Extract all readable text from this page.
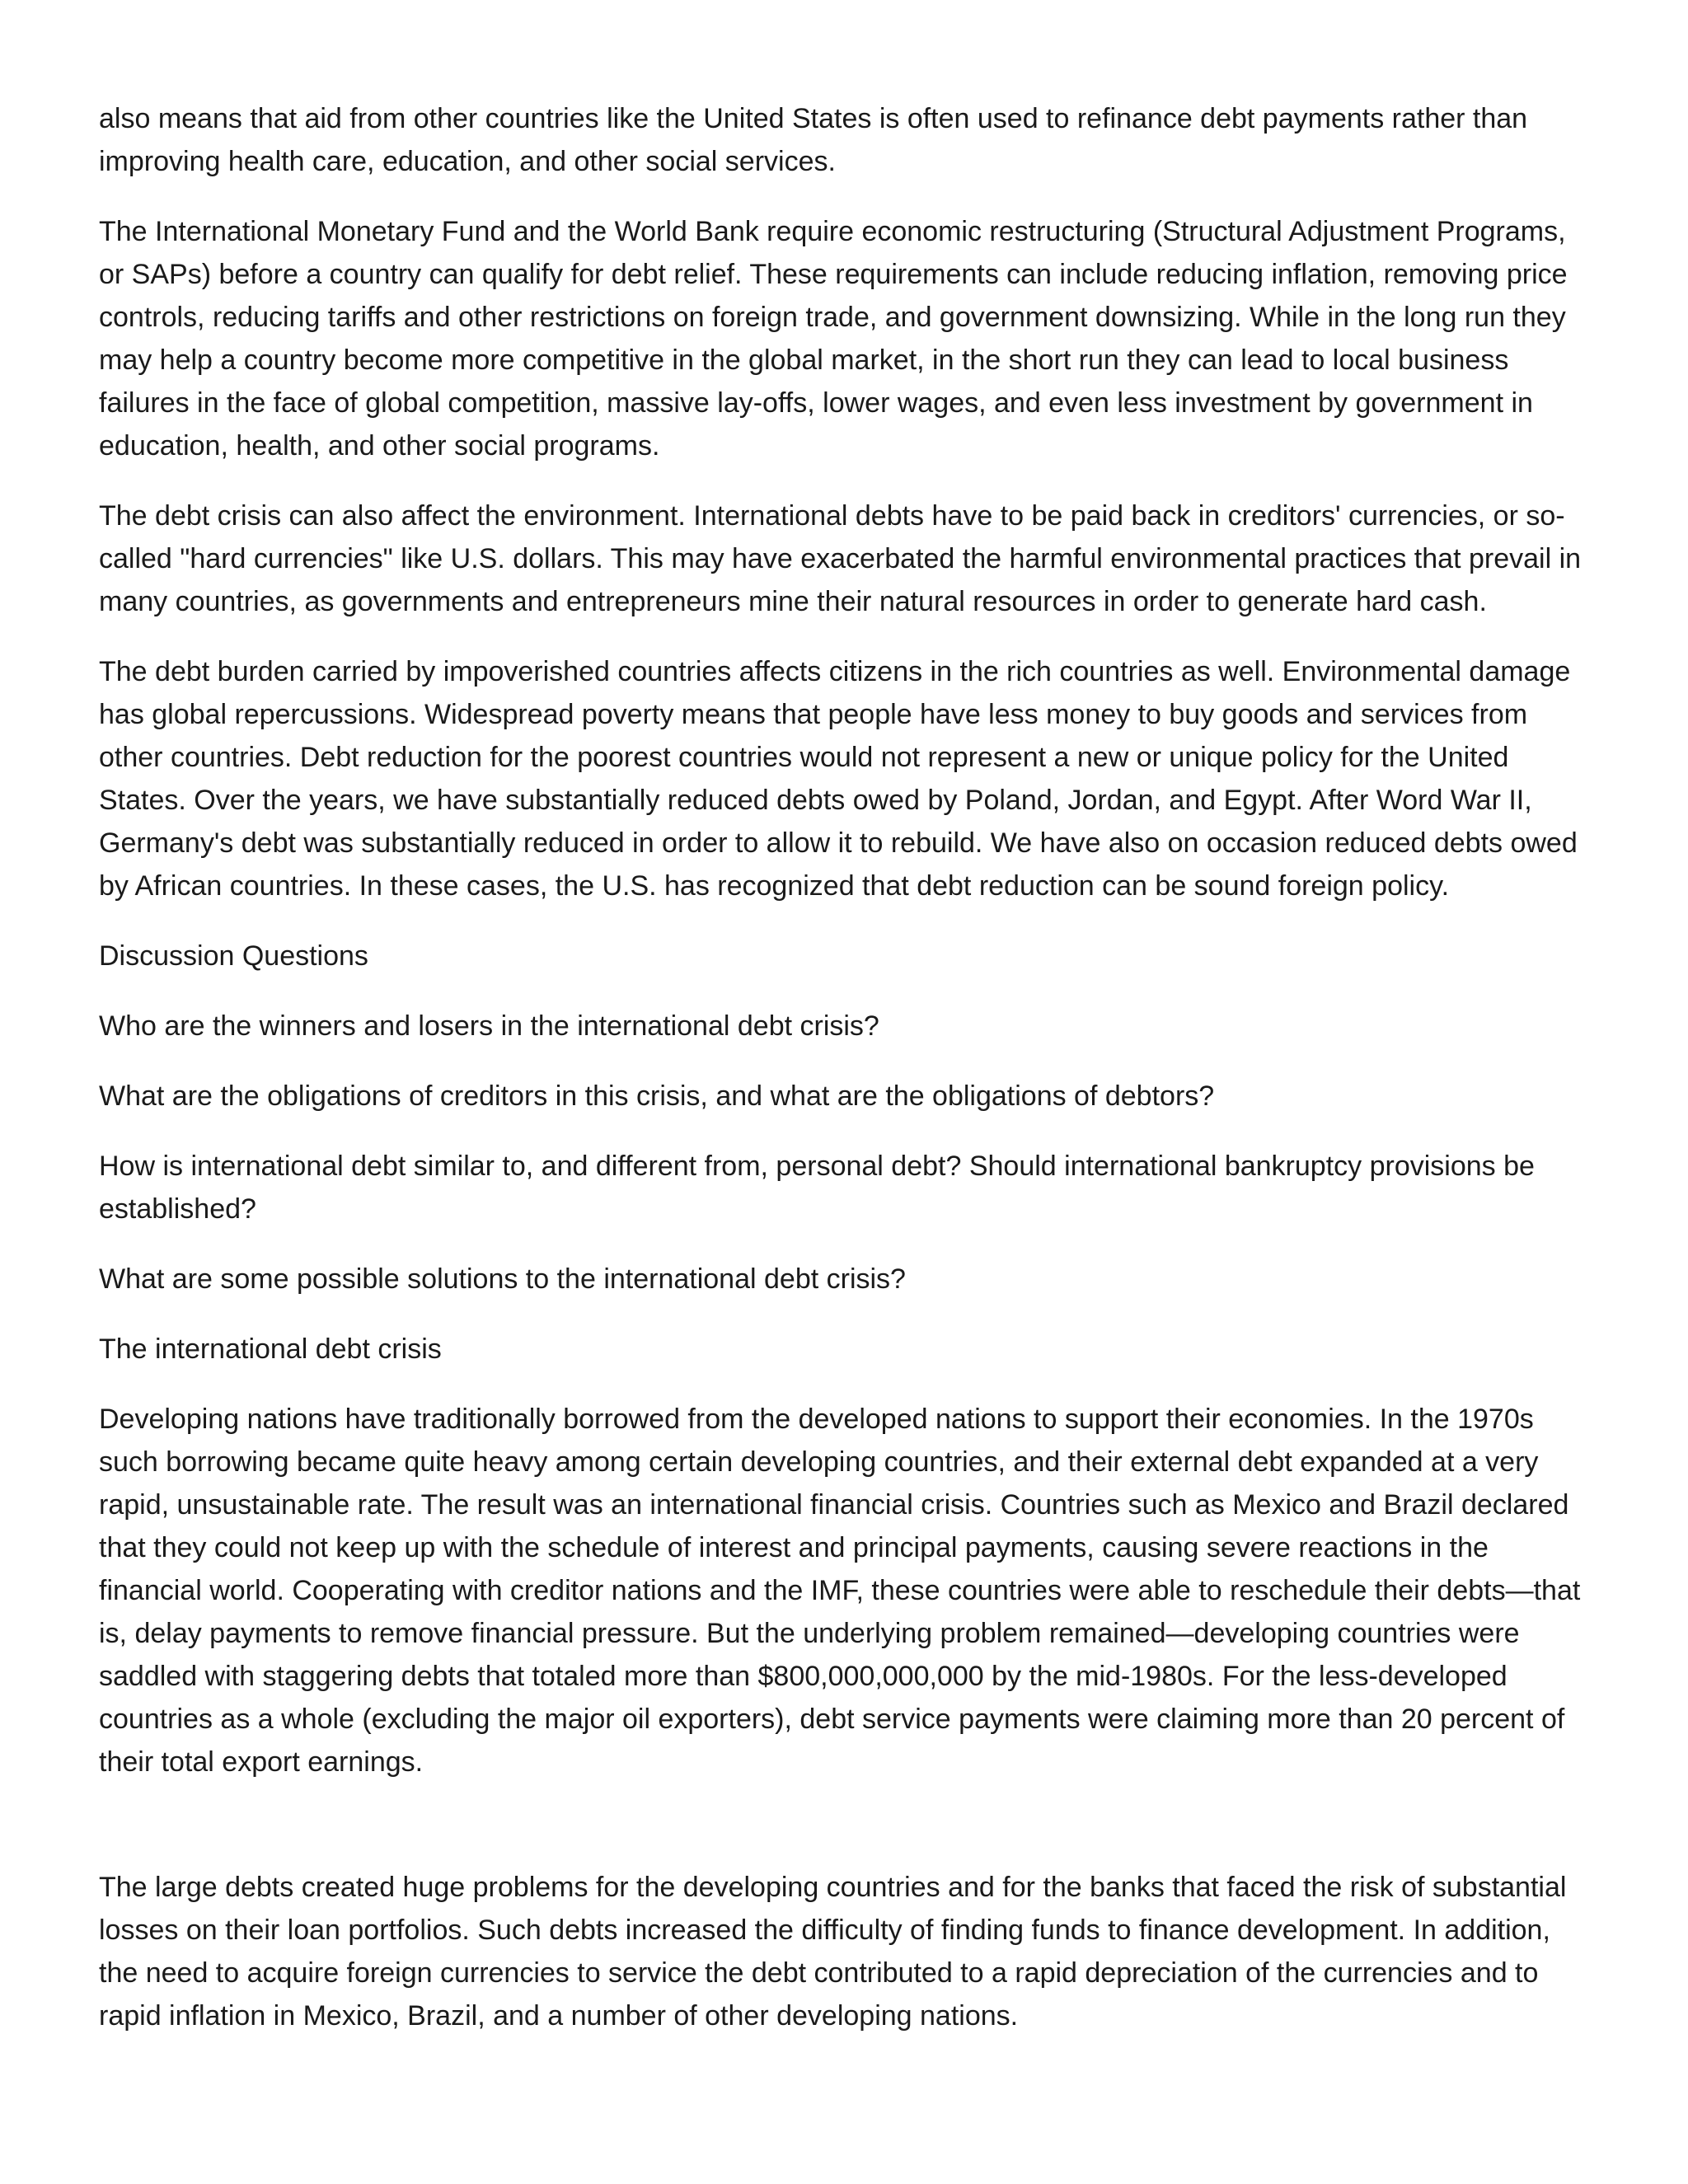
also means that aid from other countries like the United States is often used to refinance debt payments rather than improving health care, education, and other social services.

The International Monetary Fund and the World Bank require economic restructuring (Structural Adjustment Programs, or SAPs) before a country can qualify for debt relief. These requirements can include reducing inflation, removing price controls, reducing tariffs and other restrictions on foreign trade, and government downsizing. While in the long run they may help a country become more competitive in the global market, in the short run they can lead to local business failures in the face of global competition, massive lay-offs, lower wages, and even less investment by government in education, health, and other social programs.

The debt crisis can also affect the environment. International debts have to be paid back in creditors' currencies, or so-called "hard currencies" like U.S. dollars. This may have exacerbated the harmful environmental practices that prevail in many countries, as governments and entrepreneurs mine their natural resources in order to generate hard cash.

The debt burden carried by impoverished countries affects citizens in the rich countries as well. Environmental damage has global repercussions. Widespread poverty means that people have less money to buy goods and services from other countries. Debt reduction for the poorest countries would not represent a new or unique policy for the United States. Over the years, we have substantially reduced debts owed by Poland, Jordan, and Egypt. After Word War II, Germany's debt was substantially reduced in order to allow it to rebuild. We have also on occasion reduced debts owed by African countries. In these cases, the U.S. has recognized that debt reduction can be sound foreign policy.

Discussion Questions

Who are the winners and losers in the international debt crisis?

What are the obligations of creditors in this crisis, and what are the obligations of debtors?

How is international debt similar to, and different from, personal debt? Should international bankruptcy provisions be established?

What are some possible solutions to the international debt crisis?

The international debt crisis

Developing nations have traditionally borrowed from the developed nations to support their economies. In the 1970s such borrowing became quite heavy among certain developing countries, and their external debt expanded at a very rapid, unsustainable rate. The result was an international financial crisis. Countries such as Mexico and Brazil declared that they could not keep up with the schedule of interest and principal payments, causing severe reactions in the financial world. Cooperating with creditor nations and the IMF, these countries were able to reschedule their debts—that is, delay payments to remove financial pressure. But the underlying problem remained—developing countries were saddled with staggering debts that totaled more than $800,000,000,000 by the mid-1980s. For the less-developed countries as a whole (excluding the major oil exporters), debt service payments were claiming more than 20 percent of their total export earnings.

The large debts created huge problems for the developing countries and for the banks that faced the risk of substantial losses on their loan portfolios. Such debts increased the difficulty of finding funds to finance development. In addition, the need to acquire foreign currencies to service the debt contributed to a rapid depreciation of the currencies and to rapid inflation in Mexico, Brazil, and a number of other developing nations.
